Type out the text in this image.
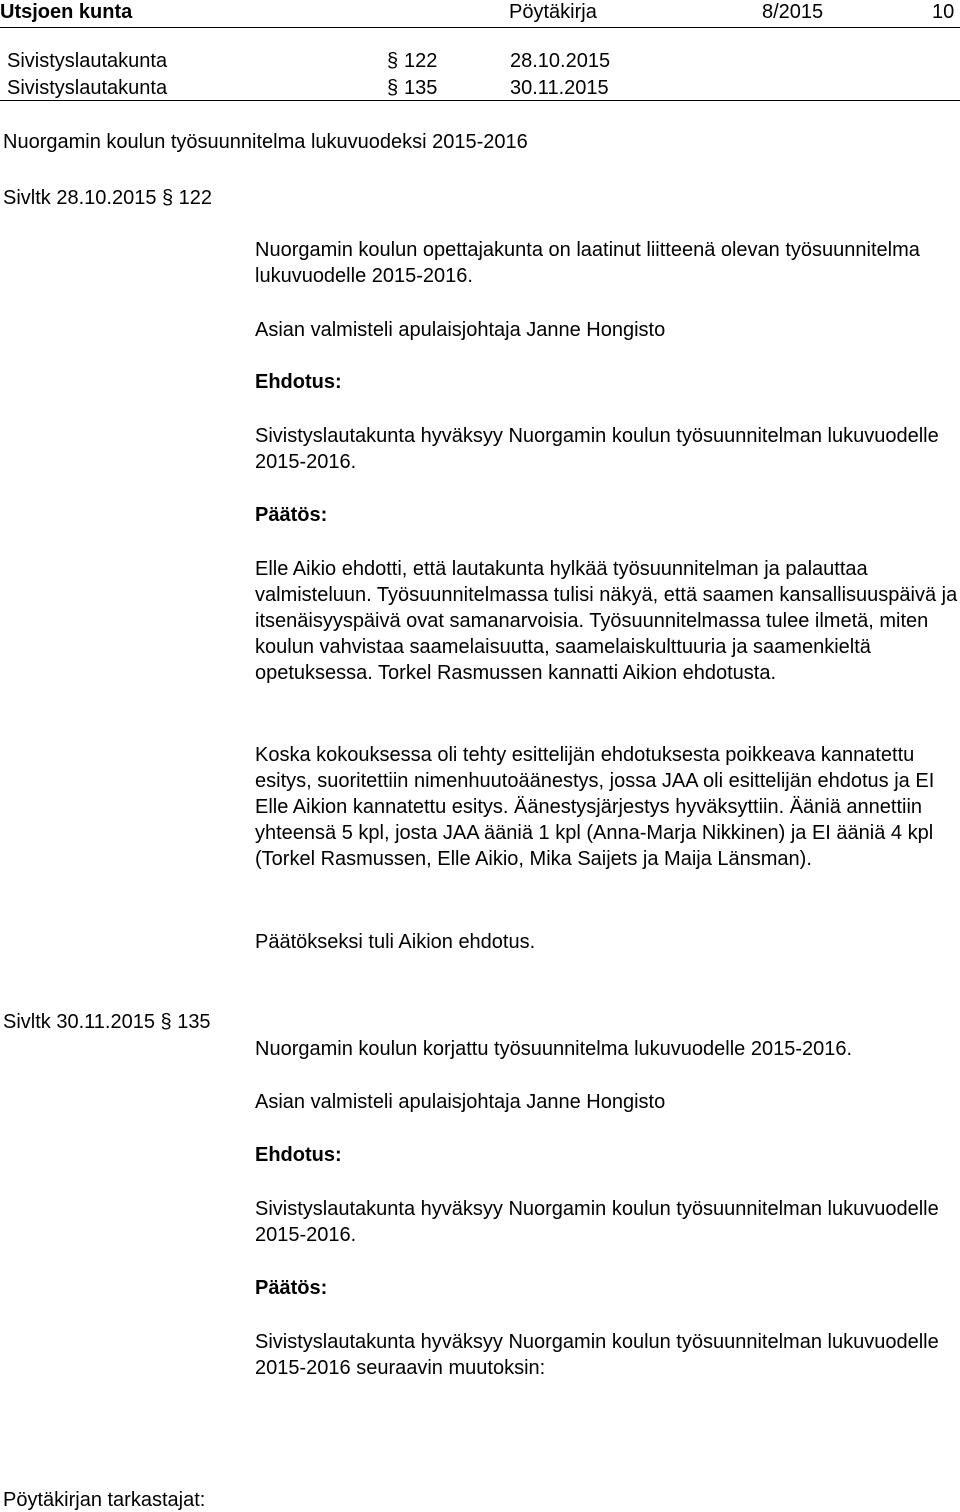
Utsjoen kunta	Pöytäkirja	8/2015	10
Sivistyslautakunta	§ 122	28.10.2015
Sivistyslautakunta	§ 135	30.11.2015
Nuorgamin koulun työsuunnitelma lukuvuodeksi 2015-2016
Sivltk 28.10.2015 § 122
Nuorgamin koulun opettajakunta on laatinut liitteenä olevan työsuunnitelma lukuvuodelle 2015-2016.
Asian valmisteli apulaisjohtaja Janne Hongisto
Ehdotus:
Sivistyslautakunta hyväksyy Nuorgamin koulun työsuunnitelman lukuvuodelle 2015-2016.
Päätös:
Elle Aikio ehdotti, että lautakunta hylkää työsuunnitelman ja palauttaa valmisteluun. Työsuunnitelmassa tulisi näkyä, että saamen kansallisuuspäivä ja itsenäisyyspäivä ovat samanarvoisia. Työsuunnitelmassa tulee ilmetä, miten koulun vahvistaa saamelaisuutta, saamelaiskulttuuria ja saamenkieltä opetuksessa. Torkel Rasmussen kannatti Aikion ehdotusta.
Koska kokouksessa oli tehty esittelijän ehdotuksesta poikkeava kannatettu esitys, suoritettiin nimenhuutoäänestys, jossa JAA oli esittelijän ehdotus ja EI Elle Aikion kannatettu esitys. Äänestysjärjestys hyväksyttiin. Ääniä annettiin yhteensä 5 kpl, josta JAA ääniä 1 kpl (Anna-Marja Nikkinen) ja EI ääniä 4 kpl (Torkel Rasmussen, Elle Aikio, Mika Saijets ja Maija Länsman).
Päätökseksi tuli Aikion ehdotus.
Sivltk 30.11.2015 § 135
Nuorgamin koulun korjattu työsuunnitelma lukuvuodelle 2015-2016.
Asian valmisteli apulaisjohtaja Janne Hongisto
Ehdotus:
Sivistyslautakunta hyväksyy Nuorgamin koulun työsuunnitelman lukuvuodelle 2015-2016.
Päätös:
Sivistyslautakunta hyväksyy Nuorgamin koulun työsuunnitelman lukuvuodelle 2015-2016 seuraavin muutoksin:
Pöytäkirjan tarkastajat:
